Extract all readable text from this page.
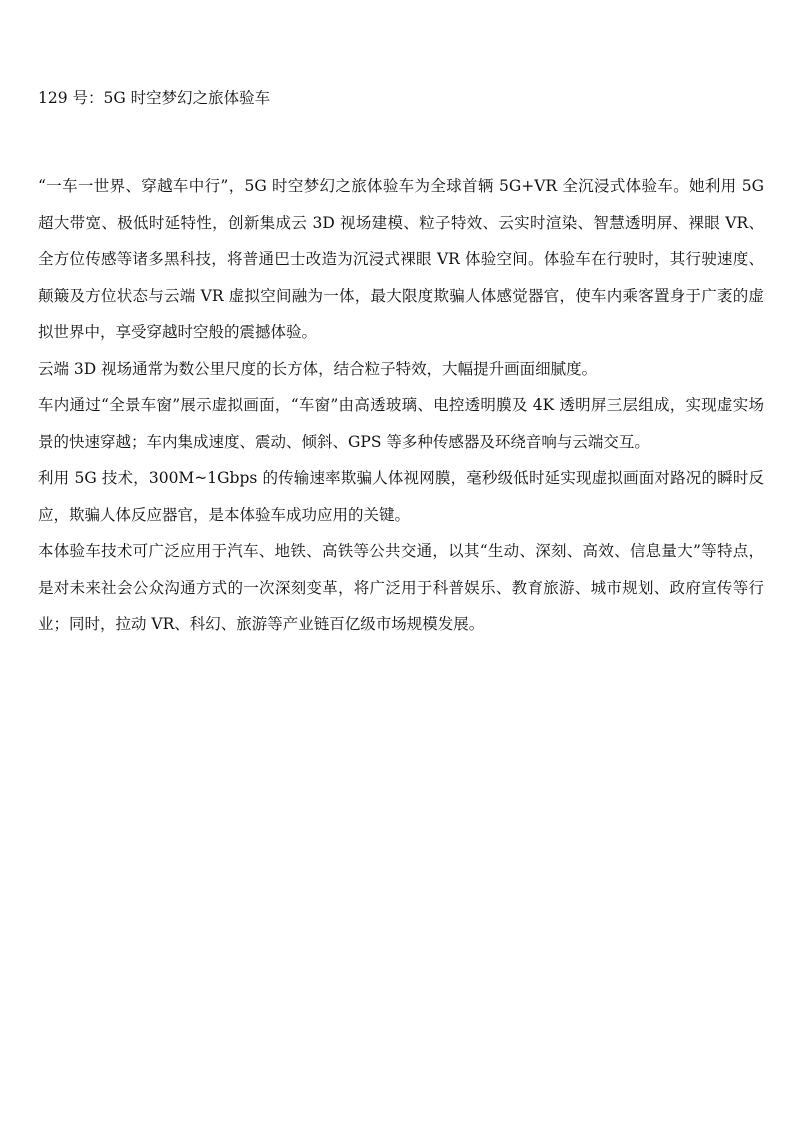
129 号：5G 时空梦幻之旅体验车

“一车一世界、穿越车中行”，5G 时空梦幻之旅体验车为全球首辆 5G+VR 全沉浸式体验车。她利用 5G 超大带宽、极低时延特性，创新集成云 3D 视场建模、粒子特效、云实时渲染、智慧透明屏、裸眼 VR、全方位传感等诸多黑科技，将普通巴士改造为沉浸式裸眼 VR 体验空间。体验车在行驶时，其行驶速度、颠簸及方位状态与云端 VR 虚拟空间融为一体，最大限度欺骗人体感觉器官，使车内乘客置身于广袤的虚拟世界中，享受穿越时空般的震撼体验。

云端 3D 视场通常为数公里尺度的长方体，结合粒子特效，大幅提升画面细腻度。

车内通过“全景车窗”展示虚拟画面，“车窗”由高透玻璃、电控透明膜及 4K 透明屏三层组成，实现虚实场景的快速穿越；车内集成速度、震动、倾斜、GPS 等多种传感器及环绕音响与云端交互。

利用 5G 技术，300M~1Gbps 的传输速率欺骗人体视网膜，毫秒级低时延实现虚拟画面对路况的瞬时反应，欺骗人体反应器官，是本体验车成功应用的关键。

本体验车技术可广泛应用于汽车、地铁、高铁等公共交通，以其“生动、深刻、高效、信息量大”等特点，是对未来社会公众沟通方式的一次深刻变革，将广泛用于科普娱乐、教育旅游、城市规划、政府宣传等行业；同时，拉动 VR、科幻、旅游等产业链百亿级市场规模发展。
